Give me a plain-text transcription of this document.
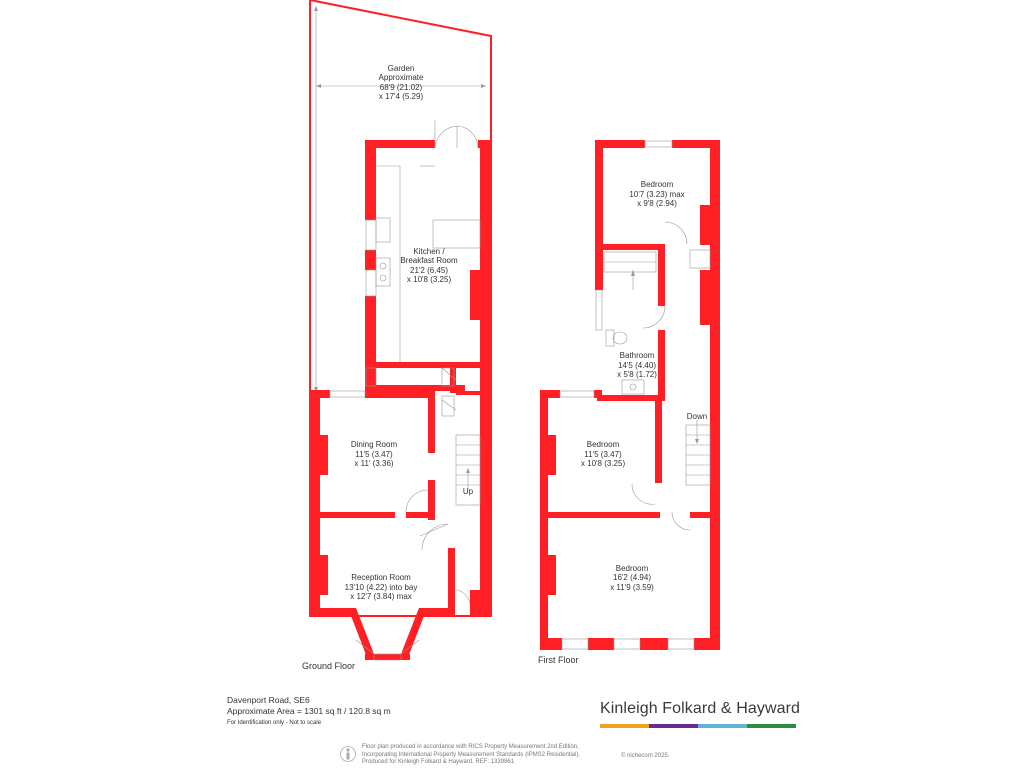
Garden
Approximate
68'9 (21.02)
x 17'4 (5.29)
Kitchen /
Breakfast Room
21'2 (6.45)
x 10'8 (3.25)
Dining Room
11'5 (3.47)
x 11' (3.36)
Reception Room
13'10 (4.22) into bay
x 12'7 (3.84) max
Up
Bedroom
10'7 (3.23) max
x 9'8 (2.94)
Bathroom
14'5 (4.40)
x 5'8 (1.72)
Bedroom
11'5 (3.47)
x 10'8 (3.25)
Bedroom
16'2 (4.94)
x 11'9 (3.59)
Down
Ground Floor
First Floor
Davenport Road, SE6
Approximate Area = 1301 sq ft / 120.8 sq m
For Identification only - Not to scale
Kinleigh Folkard & Hayward
Floor plan produced in accordance with RICS Property Measurement 2nd Edition,
Incorporating International Property Measurement Standards (IPMS2 Residential).
Produced for Kinleigh Folkard & Hayward. REF: 1339861
© nichecom 2025.
